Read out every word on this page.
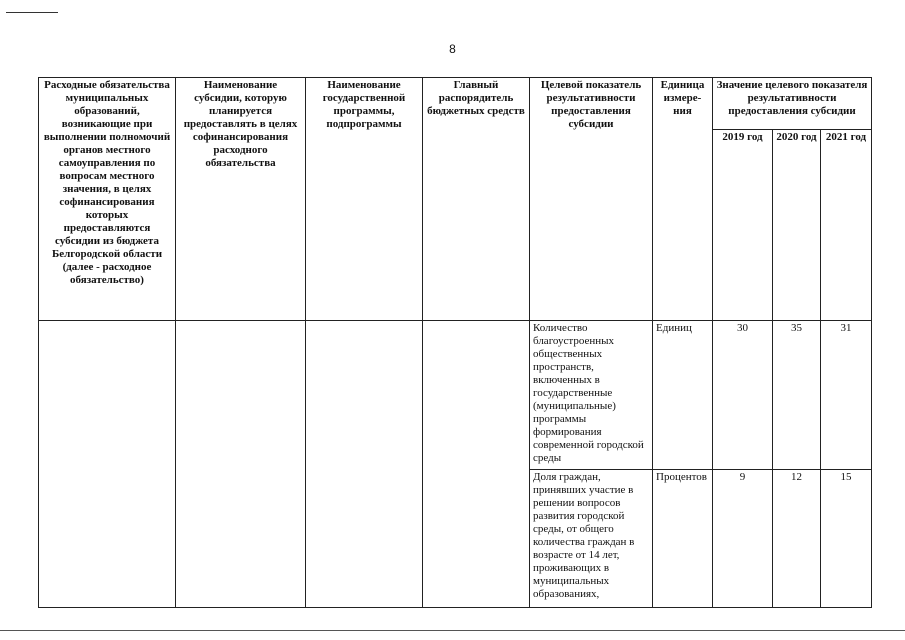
8
Расходные обязательства муниципальных образований, возникающие при выполнении полномочий органов местного самоуправления по вопросам местного значения, в целях софинансирования которых предоставляются субсидии из бюджета Белгородской области (далее - расходное обязательство)	Наименование субсидии, которую планируется предоставлять в целях софинансирования расходного обязательства	Наименование государственной программы, подпрограммы	Главный распорядитель бюджетных средств	Целевой показатель результативности предоставления субсидии	Единица измере-ния	Значение целевого показателя результативности предоставления субсидии		
						2019 год	2020 год	2021 год
				Количество благоустроенных общественных пространств, включенных в государственные (муниципальные) программы формирования современной городской среды	Единиц	30	35	31
				Доля граждан, принявших участие в решении вопросов развития городской среды, от общего количества граждан в возрасте от 14 лет, проживающих в муниципальных образованиях,	Процентов	9	12	15
